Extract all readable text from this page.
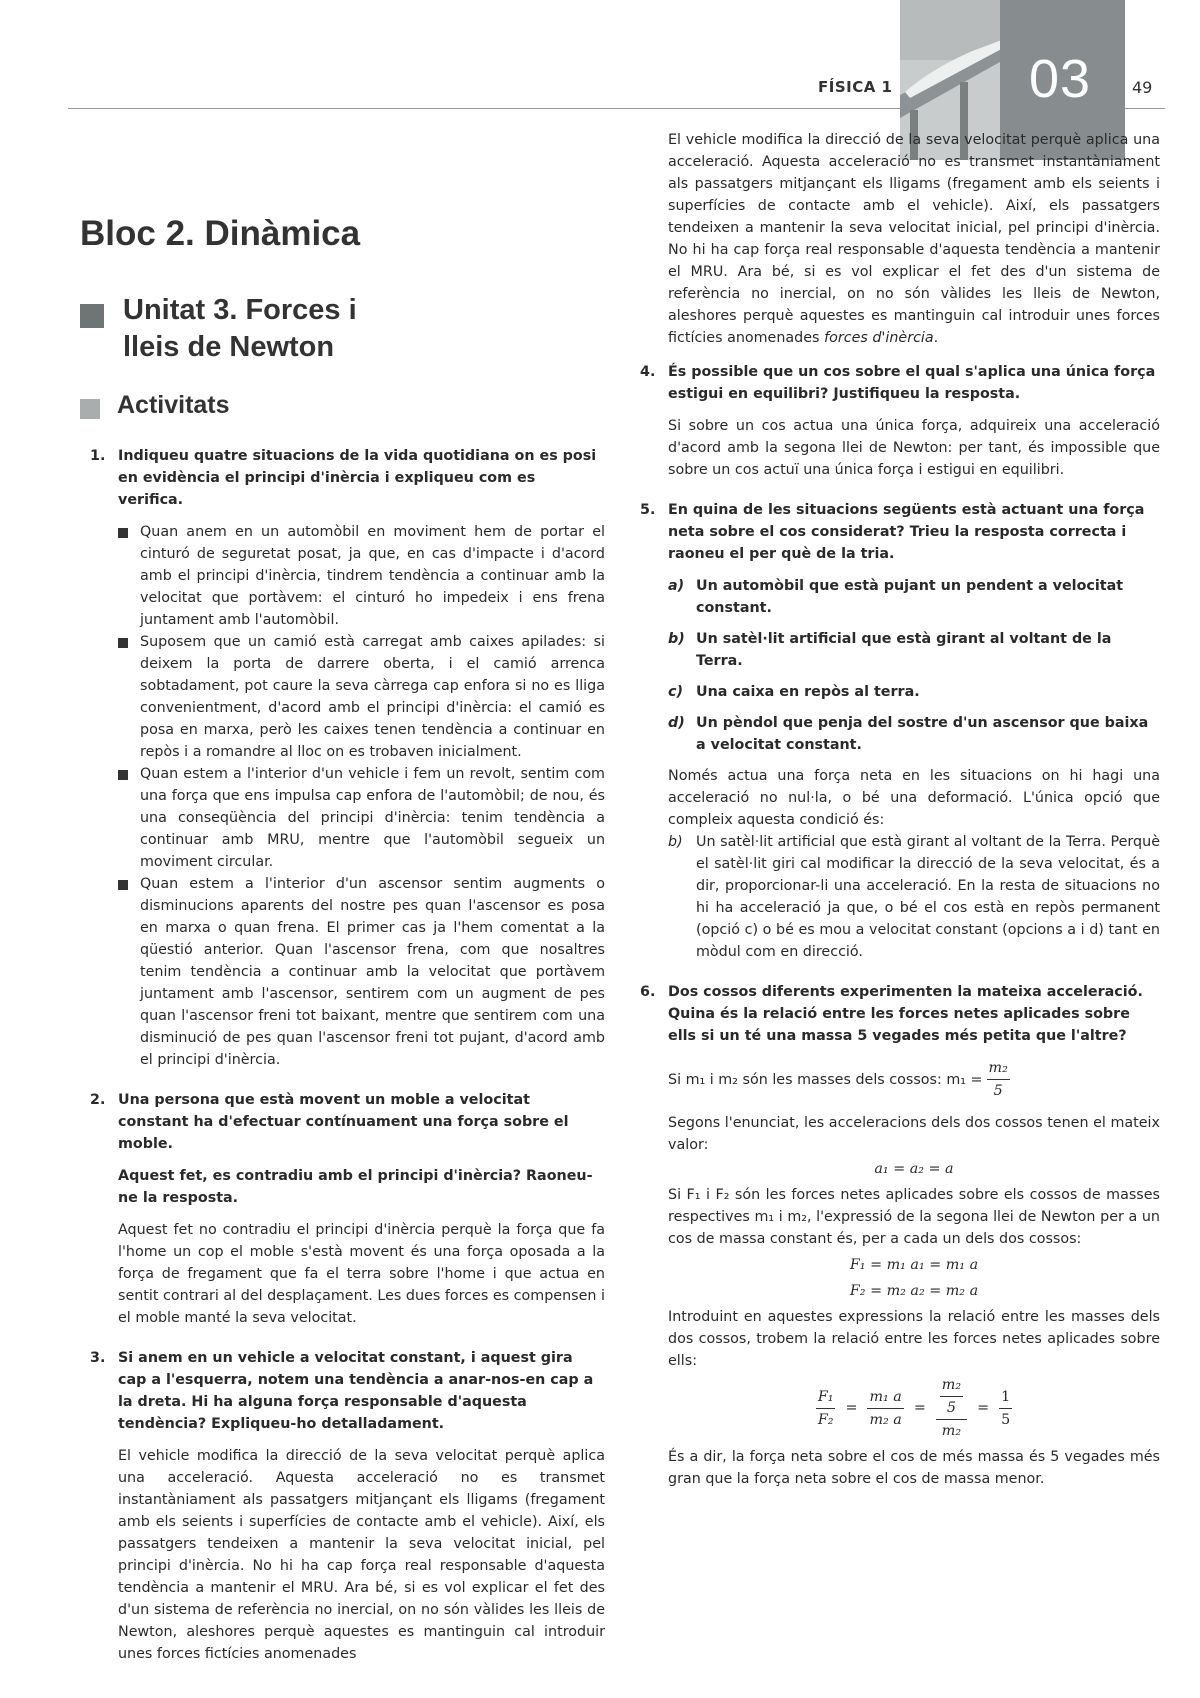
FÍSICA 1	03	49
Bloc 2. Dinàmica
Unitat 3. Forces i
lleis de Newton
Activitats
1. Indiqueu quatre situacions de la vida quotidiana on es posi en evidència el principi d'inèrcia i expliqueu com es verifica.

Quan anem en un automòbil en moviment hem de portar el cinturó de seguretat posat, ja que, en cas d'impacte i d'acord amb el principi d'inèrcia, tindrem tendència a continuar amb la velocitat que portàvem: el cinturó ho impedeix i ens frena juntament amb l'automòbil.

Suposem que un camió està carregat amb caixes apilades: si deixem la porta de darrere oberta, i el camió arrenca sobtadament, pot caure la seva càrrega cap enfora si no es lliga convenientment, d'acord amb el principi d'inèrcia: el camió es posa en marxa, però les caixes tenen tendència a continuar en repòs i a romandre al lloc on es trobaven inicialment.

Quan estem a l'interior d'un vehicle i fem un revolt, sentim com una força que ens impulsa cap enfora de l'automòbil; de nou, és una conseqüència del principi d'inèrcia: tenim tendència a continuar amb MRU, mentre que l'automòbil segueix un moviment circular.

Quan estem a l'interior d'un ascensor sentim augments o disminucions aparents del nostre pes quan l'ascensor es posa en marxa o quan frena. El primer cas ja l'hem comentat a la qüestió anterior. Quan l'ascensor frena, com que nosaltres tenim tendència a continuar amb la velocitat que portàvem juntament amb l'ascensor, sentirem com un augment de pes quan l'ascensor freni tot baixant, mentre que sentirem com una disminució de pes quan l'ascensor freni tot pujant, d'acord amb el principi d'inèrcia.

2. Una persona que està movent un moble a velocitat constant ha d'efectuar contínuament una força sobre el moble.
Aquest fet, es contradiu amb el principi d'inèrcia? Raoneu-ne la resposta.

Aquest fet no contradiu el principi d'inèrcia perquè la força que fa l'home un cop el moble s'està movent és una força oposada a la força de fregament que fa el terra sobre l'home i que actua en sentit contrari al del desplaçament. Les dues forces es compensen i el moble manté la seva velocitat.

3. Si anem en un vehicle a velocitat constant, i aquest gira cap a l'esquerra, notem una tendència a anar-nos-en cap a la dreta. Hi ha alguna força responsable d'aquesta tendència? Expliqueu-ho detalladament.
El vehicle modifica la direcció de la seva velocitat perquè aplica una acceleració. Aquesta acceleració no es transmet instantàniament als passatgers mitjançant els lligams (fregament amb els seients i superfícies de contacte amb el vehicle). Així, els passatgers tendeixen a mantenir la seva velocitat inicial, pel principi d'inèrcia. No hi ha cap força real responsable d'aquesta tendència a mantenir el MRU. Ara bé, si es vol explicar el fet des d'un sistema de referència no inercial, on no són vàlides les lleis de Newton, aleshores perquè aquestes es mantinguin cal introduir unes forces fictícies anomenades
El vehicle modifica la direcció de la seva velocitat perquè aplica una acceleració. Aquesta acceleració no es transmet instantàniament als passatgers mitjançant els lligams (fregament amb els seients i superfícies de contacte amb el vehicle). Així, els passatgers tendeixen a mantenir la seva velocitat inicial, pel principi d'inèrcia. No hi ha cap força real responsable d'aquesta tendència a mantenir el MRU. Ara bé, si es vol explicar el fet des d'un sistema de referència no inercial, on no són vàlides les lleis de Newton, aleshores perquè aquestes es mantinguin cal introduir unes forces fictícies anomenades forces d'inèrcia.
4. És possible que un cos sobre el qual s'aplica una única força estigui en equilibri? Justifiqueu la resposta.

Si sobre un cos actua una única força, adquireix una acceleració d'acord amb la segona llei de Newton: per tant, és impossible que sobre un cos actuï una única força i estigui en equilibri.

5. En quina de les situacions següents està actuant una força neta sobre el cos considerat? Trieu la resposta correcta i raoneu el per què de la tria.
a) Un automòbil que està pujant un pendent a velocitat constant.
b) Un satèl·lit artificial que està girant al voltant de la Terra.
c) Una caixa en repòs al terra.
d) Un pèndol que penja del sostre d'un ascensor que baixa a velocitat constant.

Només actua una força neta en les situacions on hi hagi una acceleració no nul·la, o bé una deformació. L'única opció que compleix aquesta condició és:

b) Un satèl·lit artificial que està girant al voltant de la Terra. Perquè el satèl·lit giri cal modificar la direcció de la seva velocitat, és a dir, proporcionar-li una acceleració. En la resta de situacions no hi ha acceleració ja que, o bé el cos està en repòs permanent (opció c) o bé es mou a velocitat constant (opcions a i d) tant en mòdul com en direcció.
6. Dos cossos diferents experimenten la mateixa acceleració. Quina és la relació entre les forces netes aplicades sobre ells si un té una massa 5 vegades més petita que l'altre?
Si m₁ i m₂ són les masses dels cossos: $m_1 = \frac{\text{m₂}}{5}$

Segons l'enunciat, les acceleracions dels dos cossos tenen el mateix valor:

a₁ = a₂ = a

Si F₁ i F₂ són les forces netes aplicades sobre els cossos de masses respectives m₁ i m₂, l'expressió de la segona llei de Newton per a un cos de massa constant és, per a cada un dels dos cossos:

F₁ = m₁ a₁ = m₁ a
F₂ = m₂ a₂ = m₂ a

Introduint en aquestes expressions la relació entre les masses dels dos cossos, trobem la relació entre les forces netes aplicades sobre ells:

$\frac{\text{F₁}}{\text{F₂}} = \frac{\text{m₁ a}}{\text{m₂ a}} = m_2$
5
$m_2 = \frac{1}{5}$

És a dir, la força neta sobre el cos de més massa és 5 vegades més gran que la força neta sobre el cos de massa menor.
